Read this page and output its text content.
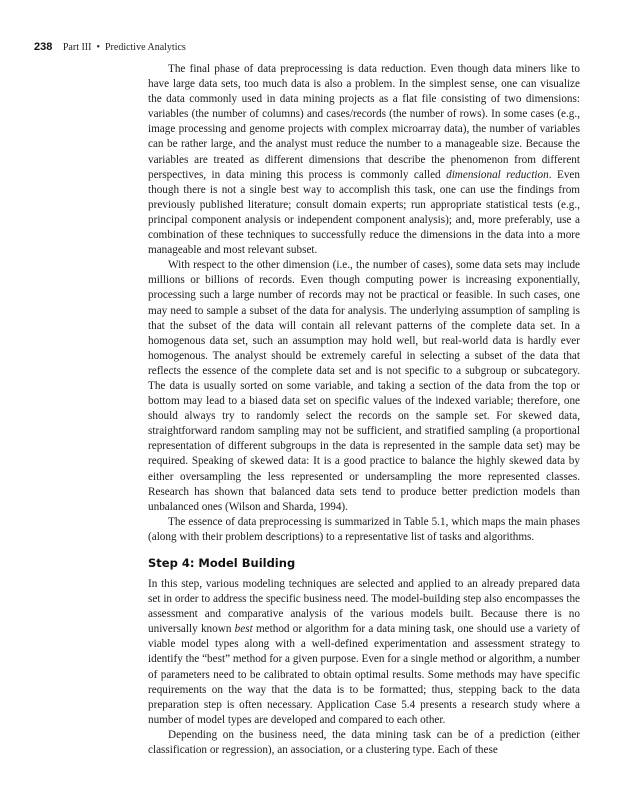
238 Part III • Predictive Analytics

The final phase of data preprocessing is data reduction. Even though data miners like to have large data sets, too much data is also a problem. In the simplest sense, one can visualize the data commonly used in data mining projects as a flat file consisting of two dimensions: variables (the number of columns) and cases/records (the number of rows). In some cases (e.g., image processing and genome projects with complex microarray data), the number of variables can be rather large, and the analyst must reduce the number to a manageable size. Because the variables are treated as different dimensions that describe the phenomenon from different perspectives, in data mining this process is commonly called dimensional reduction. Even though there is not a single best way to accomplish this task, one can use the findings from previously published literature; consult domain experts; run appropriate statistical tests (e.g., principal component analysis or independent component analysis); and, more preferably, use a combination of these techniques to successfully reduce the dimensions in the data into a more manageable and most relevant subset.

With respect to the other dimension (i.e., the number of cases), some data sets may include millions or billions of records. Even though computing power is increasing exponentially, processing such a large number of records may not be practical or feasible. In such cases, one may need to sample a subset of the data for analysis. The underlying assumption of sampling is that the subset of the data will contain all relevant patterns of the complete data set. In a homogenous data set, such an assumption may hold well, but real-world data is hardly ever homogenous. The analyst should be extremely careful in selecting a subset of the data that reflects the essence of the complete data set and is not specific to a subgroup or subcategory. The data is usually sorted on some variable, and taking a section of the data from the top or bottom may lead to a biased data set on specific values of the indexed variable; therefore, one should always try to randomly select the records on the sample set. For skewed data, straightforward random sampling may not be sufficient, and stratified sampling (a proportional representation of different subgroups in the data is represented in the sample data set) may be required. Speaking of skewed data: It is a good practice to balance the highly skewed data by either oversampling the less represented or undersampling the more represented classes. Research has shown that balanced data sets tend to produce better prediction models than unbalanced ones (Wilson and Sharda, 1994).

The essence of data preprocessing is summarized in Table 5.1, which maps the main phases (along with their problem descriptions) to a representative list of tasks and algorithms.

Step 4: Model Building

In this step, various modeling techniques are selected and applied to an already prepared data set in order to address the specific business need. The model-building step also encompasses the assessment and comparative analysis of the various models built. Because there is no universally known best method or algorithm for a data mining task, one should use a variety of viable model types along with a well-defined experimentation and assessment strategy to identify the “best” method for a given purpose. Even for a single method or algorithm, a number of parameters need to be calibrated to obtain optimal results. Some methods may have specific requirements on the way that the data is to be formatted; thus, stepping back to the data preparation step is often necessary. Application Case 5.4 presents a research study where a number of model types are developed and compared to each other.

Depending on the business need, the data mining task can be of a prediction (either classification or regression), an association, or a clustering type. Each of these
